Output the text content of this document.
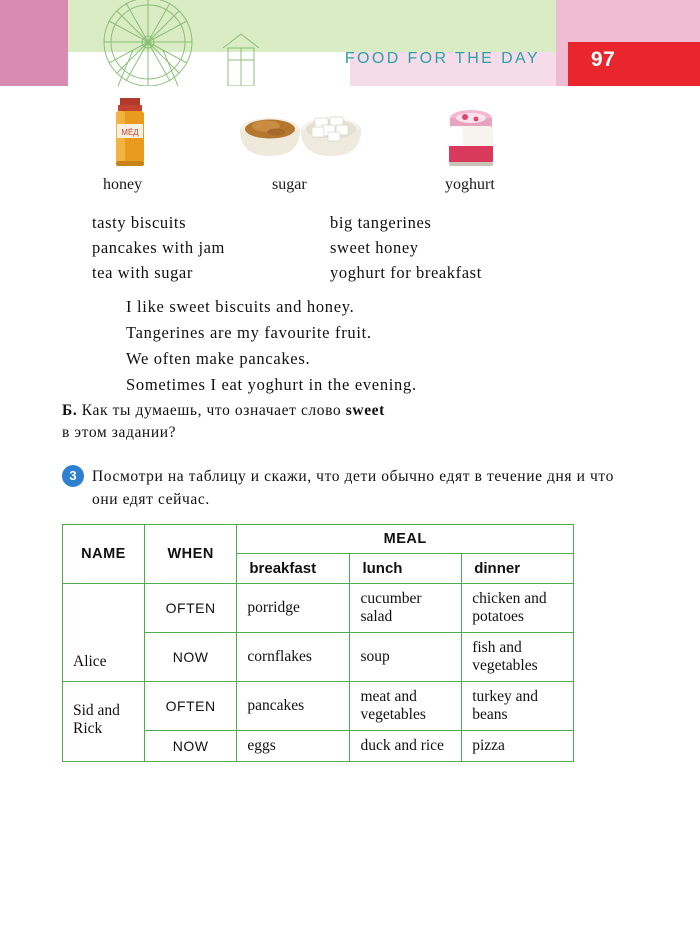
FOOD FOR THE DAY	97
МЁД
honey	sugar	yoghurt
tasty biscuits	big tangerines
pancakes with jam	sweet honey
tea with sugar	yoghurt for breakfast
I like sweet biscuits and honey.
Tangerines are my favourite fruit.
We often make pancakes.
Sometimes I eat yoghurt in the evening.
Б. Как ты думаешь, что означает слово sweet
в этом задании?
3 Посмотри на таблицу и скажи, что дети обычно едят в течение дня и что они едят сейчас.
NAME	WHEN	MEAL		
		breakfast	lunch	dinner
Alice	OFTEN	porridge	cucumber salad	chicken and potatoes
	NOW	cornflakes	soup	fish and vegetables
Sid and Rick	OFTEN	pancakes	meat and vegetables	turkey and beans
	NOW	eggs	duck and rice	pizza
